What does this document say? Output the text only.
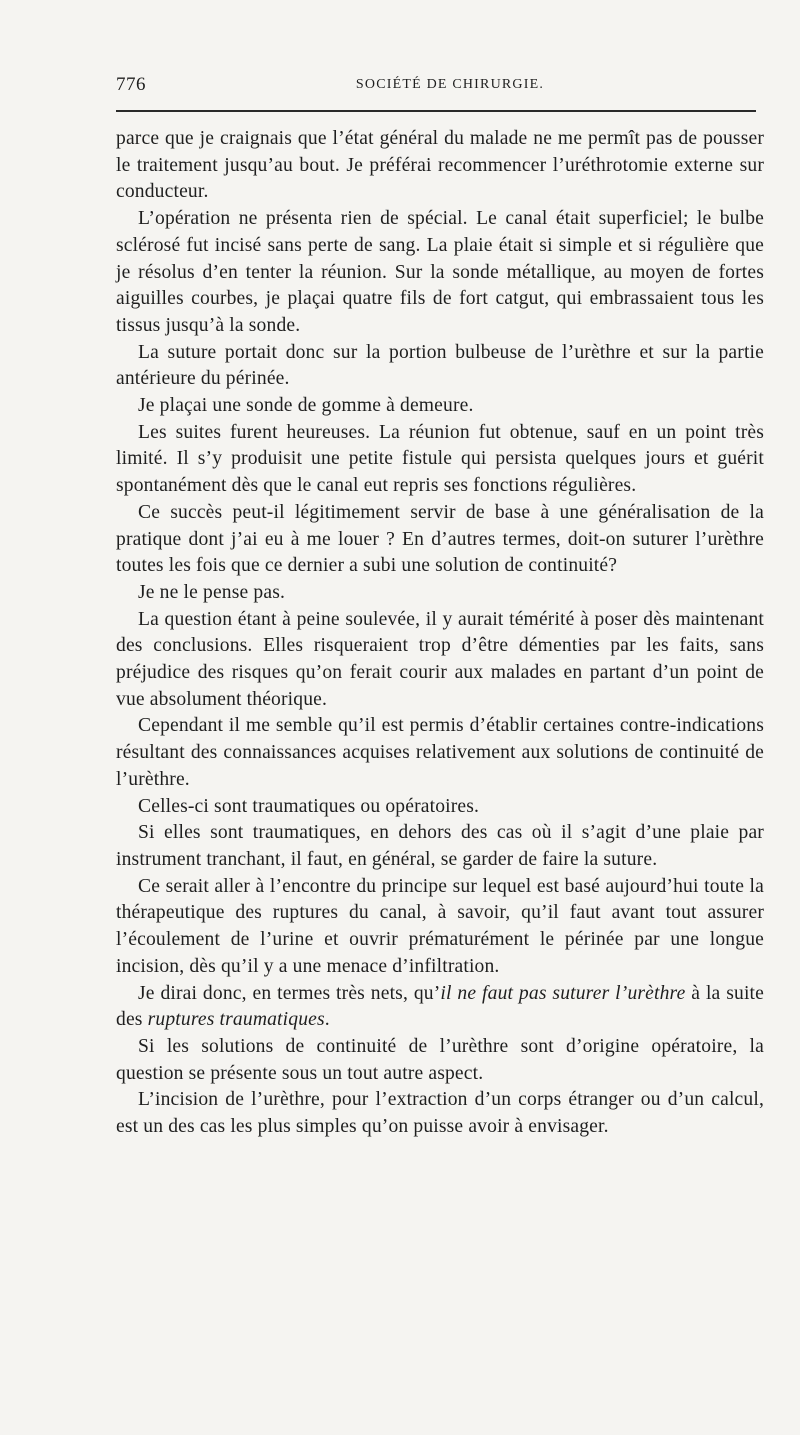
776	SOCIÉTÉ DE CHIRURGIE.

parce que je craignais que l’état général du malade ne me permît pas de pousser le traitement jusqu’au bout. Je préférai recommencer l’uréthrotomie externe sur conducteur.

L’opération ne présenta rien de spécial. Le canal était superficiel; le bulbe sclérosé fut incisé sans perte de sang. La plaie était si simple et si régulière que je résolus d’en tenter la réunion. Sur la sonde métallique, au moyen de fortes aiguilles courbes, je plaçai quatre fils de fort catgut, qui embrassaient tous les tissus jusqu’à la sonde.

La suture portait donc sur la portion bulbeuse de l’urèthre et sur la partie antérieure du périnée.

Je plaçai une sonde de gomme à demeure.

Les suites furent heureuses. La réunion fut obtenue, sauf en un point très limité. Il s’y produisit une petite fistule qui persista quelques jours et guérit spontanément dès que le canal eut repris ses fonctions régulières.

Ce succès peut-il légitimement servir de base à une généralisation de la pratique dont j’ai eu à me louer ? En d’autres termes, doit-on suturer l’urèthre toutes les fois que ce dernier a subi une solution de continuité?

Je ne le pense pas.

La question étant à peine soulevée, il y aurait témérité à poser dès maintenant des conclusions. Elles risqueraient trop d’être démenties par les faits, sans préjudice des risques qu’on ferait courir aux malades en partant d’un point de vue absolument théorique.

Cependant il me semble qu’il est permis d’établir certaines contre-indications résultant des connaissances acquises relativement aux solutions de continuité de l’urèthre.

Celles-ci sont traumatiques ou opératoires.

Si elles sont traumatiques, en dehors des cas où il s’agit d’une plaie par instrument tranchant, il faut, en général, se garder de faire la suture.

Ce serait aller à l’encontre du principe sur lequel est basé aujourd’hui toute la thérapeutique des ruptures du canal, à savoir, qu’il faut avant tout assurer l’écoulement de l’urine et ouvrir prématurément le périnée par une longue incision, dès qu’il y a une menace d’infiltration.

Je dirai donc, en termes très nets, qu’il ne faut pas suturer l’urèthre à la suite des ruptures traumatiques.

Si les solutions de continuité de l’urèthre sont d’origine opératoire, la question se présente sous un tout autre aspect.

L’incision de l’urèthre, pour l’extraction d’un corps étranger ou d’un calcul, est un des cas les plus simples qu’on puisse avoir à envisager.
